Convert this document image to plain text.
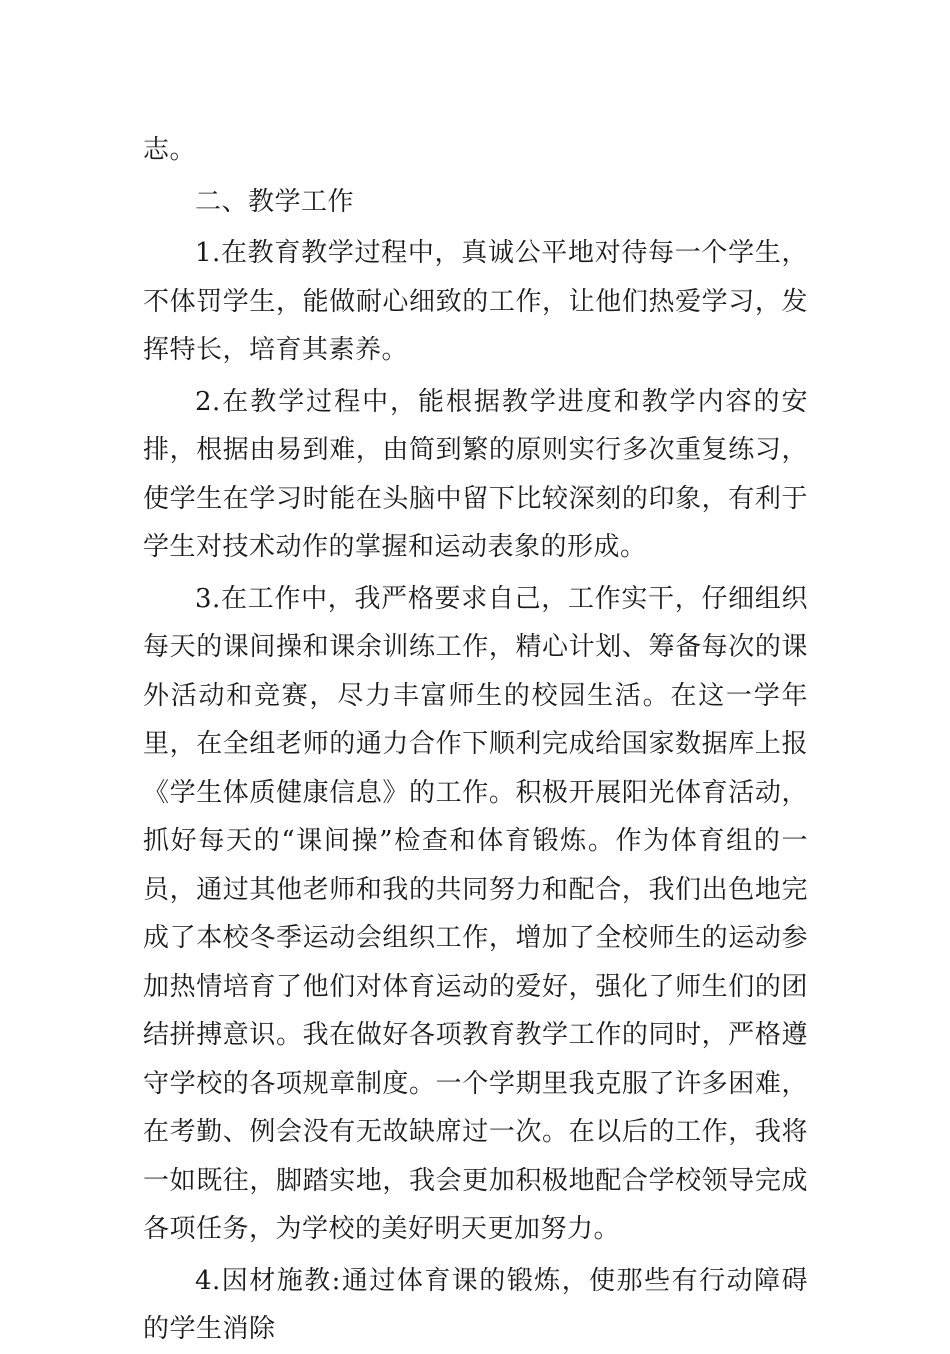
志。

二、教学工作

1.在教育教学过程中，真诚公平地对待每一个学生，不体罚学生，能做耐心细致的工作，让他们热爱学习，发挥特长，培育其素养。

2.在教学过程中，能根据教学进度和教学内容的安排，根据由易到难，由简到繁的原则实行多次重复练习，使学生在学习时能在头脑中留下比较深刻的印象，有利于学生对技术动作的掌握和运动表象的形成。

3.在工作中，我严格要求自己，工作实干，仔细组织每天的课间操和课余训练工作，精心计划、筹备每次的课外活动和竞赛，尽力丰富师生的校园生活。在这一学年里，在全组老师的通力合作下顺利完成给国家数据库上报《学生体质健康信息》的工作。积极开展阳光体育活动，抓好每天的“课间操”检查和体育锻炼。作为体育组的一员，通过其他老师和我的共同努力和配合，我们出色地完成了本校冬季运动会组织工作，增加了全校师生的运动参加热情培育了他们对体育运动的爱好，强化了师生们的团结拼搏意识。我在做好各项教育教学工作的同时，严格遵守学校的各项规章制度。一个学期里我克服了许多困难，在考勤、例会没有无故缺席过一次。在以后的工作，我将一如既往，脚踏实地，我会更加积极地配合学校领导完成各项任务，为学校的美好明天更加努力。

4.因材施教:通过体育课的锻炼，使那些有行动障碍的学生消除
